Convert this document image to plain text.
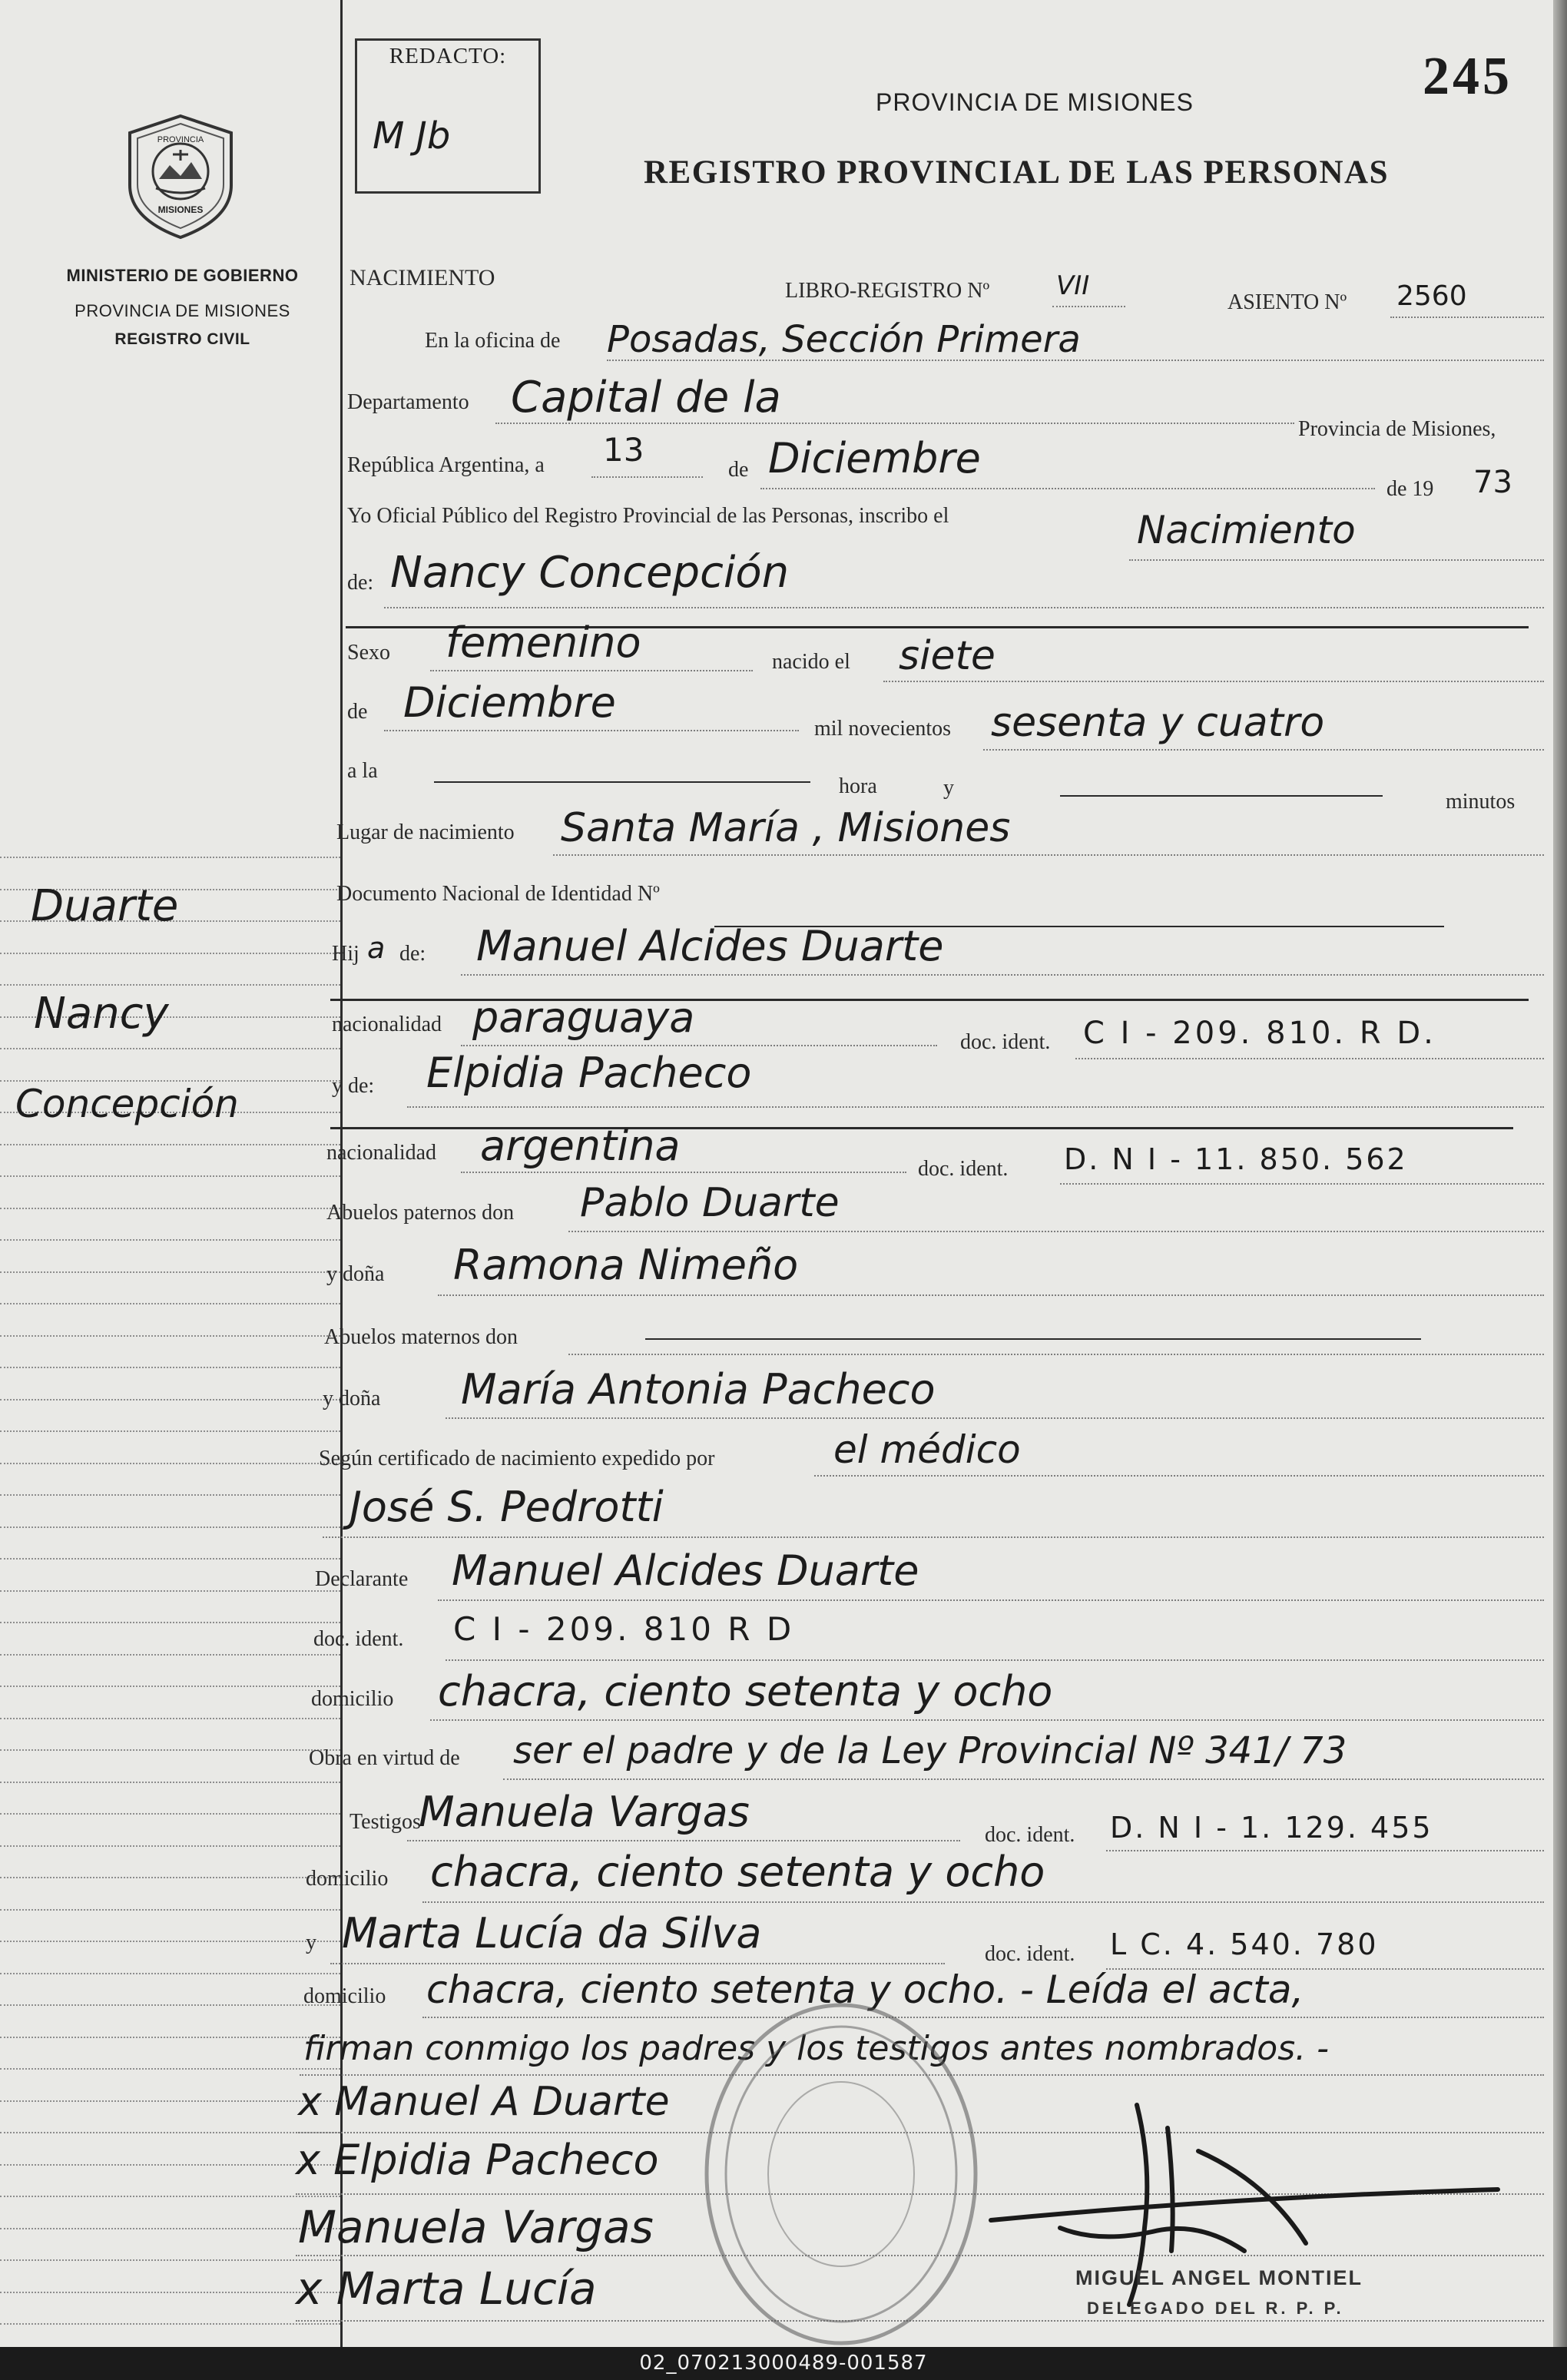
PROVINCIA
MISIONES
MINISTERIO DE GOBIERNO
PROVINCIA DE MISIONES
REGISTRO CIVIL
Duarte
Nancy
Concepción
REDACTO:
M Jb
245
PROVINCIA DE MISIONES
REGISTRO PROVINCIAL DE LAS PERSONAS
NACIMIENTO
LIBRO-REGISTRO Nº	VII
ASIENTO Nº 2560
En la oficina de Posadas, Sección Primera
Departamento Capital de la
Provincia de Misiones,
República Argentina, a 13
de Diciembre
de 19 73
Yo Oficial Público del Registro Provincial de las Personas, inscribo el	Nacimiento
de: Nancy Concepción
Sexo femenino	nacido el siete
de Diciembre
mil novecientos sesenta y cuatro
a la
hora	y
minutos
Lugar de nacimiento Santa María , Misiones
Documento Nacional de Identidad Nº
Hij a de: Manuel Alcides Duarte
nacionalidad paraguaya
doc. ident. C I - 209. 810. R D.
y de: Elpidia Pacheco
nacionalidad argentina	doc. ident. D. N I - 11. 850. 562
Abuelos paternos don Pablo Duarte
y doña Ramona Nimeño
Abuelos maternos don
y doña María Antonia Pacheco
Según certificado de nacimiento expedido por	el médico
José S. Pedrotti
Declarante Manuel Alcides Duarte
doc. ident. C I - 209. 810 R D
domicilio chacra, ciento setenta y ocho
Obra en virtud de ser el padre y de la Ley Provincial Nº 341/ 73
Testigos
Manuela Vargas	doc. ident. D. N I - 1. 129. 455
domicilio chacra, ciento setenta y ocho
y Marta Lucía da Silva	doc. ident. L C. 4. 540. 780
domicilio chacra, ciento setenta y ocho. - Leída el acta,
firman conmigo los padres y los testigos antes nombrados. -
x Manuel A Duarte
x Elpidia Pacheco
Manuela Vargas
x Marta Lucía	MIGUEL ANGEL MONTIEL
DELEGADO DEL R. P. P.
02_070213000489-001587
